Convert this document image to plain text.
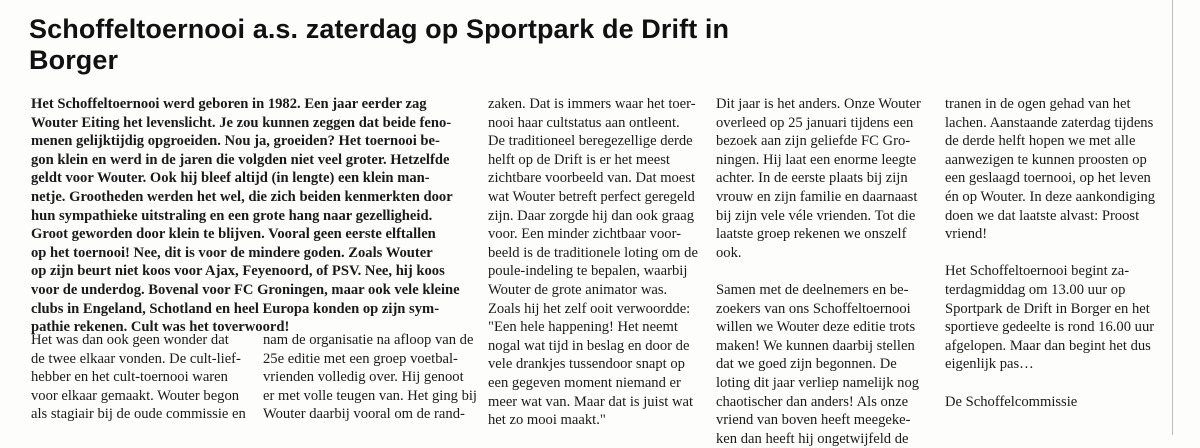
Schoffeltoernooi a.s. zaterdag op Sportpark de Drift in Borger
Het Schoffeltoernooi werd geboren in 1982. Een jaar eerder zag
Wouter Eiting het levenslicht. Je zou kunnen zeggen dat beide feno-
menen gelijktijdig opgroeiden. Nou ja, groeiden? Het toernooi be-
gon klein en werd in de jaren die volgden niet veel groter. Hetzelfde
geldt voor Wouter. Ook hij bleef altijd (in lengte) een klein man-
netje. Grootheden werden het wel, die zich beiden kenmerkten door
hun sympathieke uitstraling en een grote hang naar gezelligheid.
Groot geworden door klein te blijven. Vooral geen eerste elftallen
op het toernooi! Nee, dit is voor de mindere goden. Zoals Wouter
op zijn beurt niet koos voor Ajax, Feyenoord, of PSV. Nee, hij koos
voor de underdog. Bovenal voor FC Groningen, maar ook vele kleine
clubs in Engeland, Schotland en heel Europa konden op zijn sym-
pathie rekenen. Cult was het toverwoord!
Het was dan ook geen wonder dat
de twee elkaar vonden. De cult-lief-
hebber en het cult-toernooi waren
voor elkaar gemaakt. Wouter begon
als stagiair bij de oude commissie en
nam de organisatie na afloop van de
25e editie met een groep voetbal-
vrienden volledig over. Hij genoot
er met volle teugen van. Het ging bij
Wouter daarbij vooral om de rand-
zaken. Dat is immers waar het toer-
nooi haar cultstatus aan ontleent.
De traditioneel beregezellige derde
helft op de Drift is er het meest
zichtbare voorbeeld van. Dat moest
wat Wouter betreft perfect geregeld
zijn. Daar zorgde hij dan ook graag
voor. Een minder zichtbaar voor-
beeld is de traditionele loting om de
poule-indeling te bepalen, waarbij
Wouter de grote animator was.
Zoals hij het zelf ooit verwoordde:
"Een hele happening! Het neemt
nogal wat tijd in beslag en door de
vele drankjes tussendoor snapt op
een gegeven moment niemand er
meer wat van. Maar dat is juist wat
het zo mooi maakt."
Dit jaar is het anders. Onze Wouter
overleed op 25 januari tijdens een
bezoek aan zijn geliefde FC Gro-
ningen. Hij laat een enorme leegte
achter. In de eerste plaats bij zijn
vrouw en zijn familie en daarnaast
bij zijn vele véle vrienden. Tot die
laatste groep rekenen we onszelf
ook.
Samen met de deelnemers en be-
zoekers van ons Schoffeltoernooi
willen we Wouter deze editie trots
maken! We kunnen daarbij stellen
dat we goed zijn begonnen. De
loting dit jaar verliep namelijk nog
chaotischer dan anders! Als onze
vriend van boven heeft meegeke-
ken dan heeft hij ongetwijfeld de
tranen in de ogen gehad van het
lachen. Aanstaande zaterdag tijdens
de derde helft hopen we met alle
aanwezigen te kunnen proosten op
een geslaagd toernooi, op het leven
én op Wouter. In deze aankondiging
doen we dat laatste alvast: Proost
vriend!
Het Schoffeltoernooi begint za-
terdagmiddag om 13.00 uur op
Sportpark de Drift in Borger en het
sportieve gedeelte is rond 16.00 uur
afgelopen. Maar dan begint het dus
eigenlijk pas…
De Schoffelcommissie
